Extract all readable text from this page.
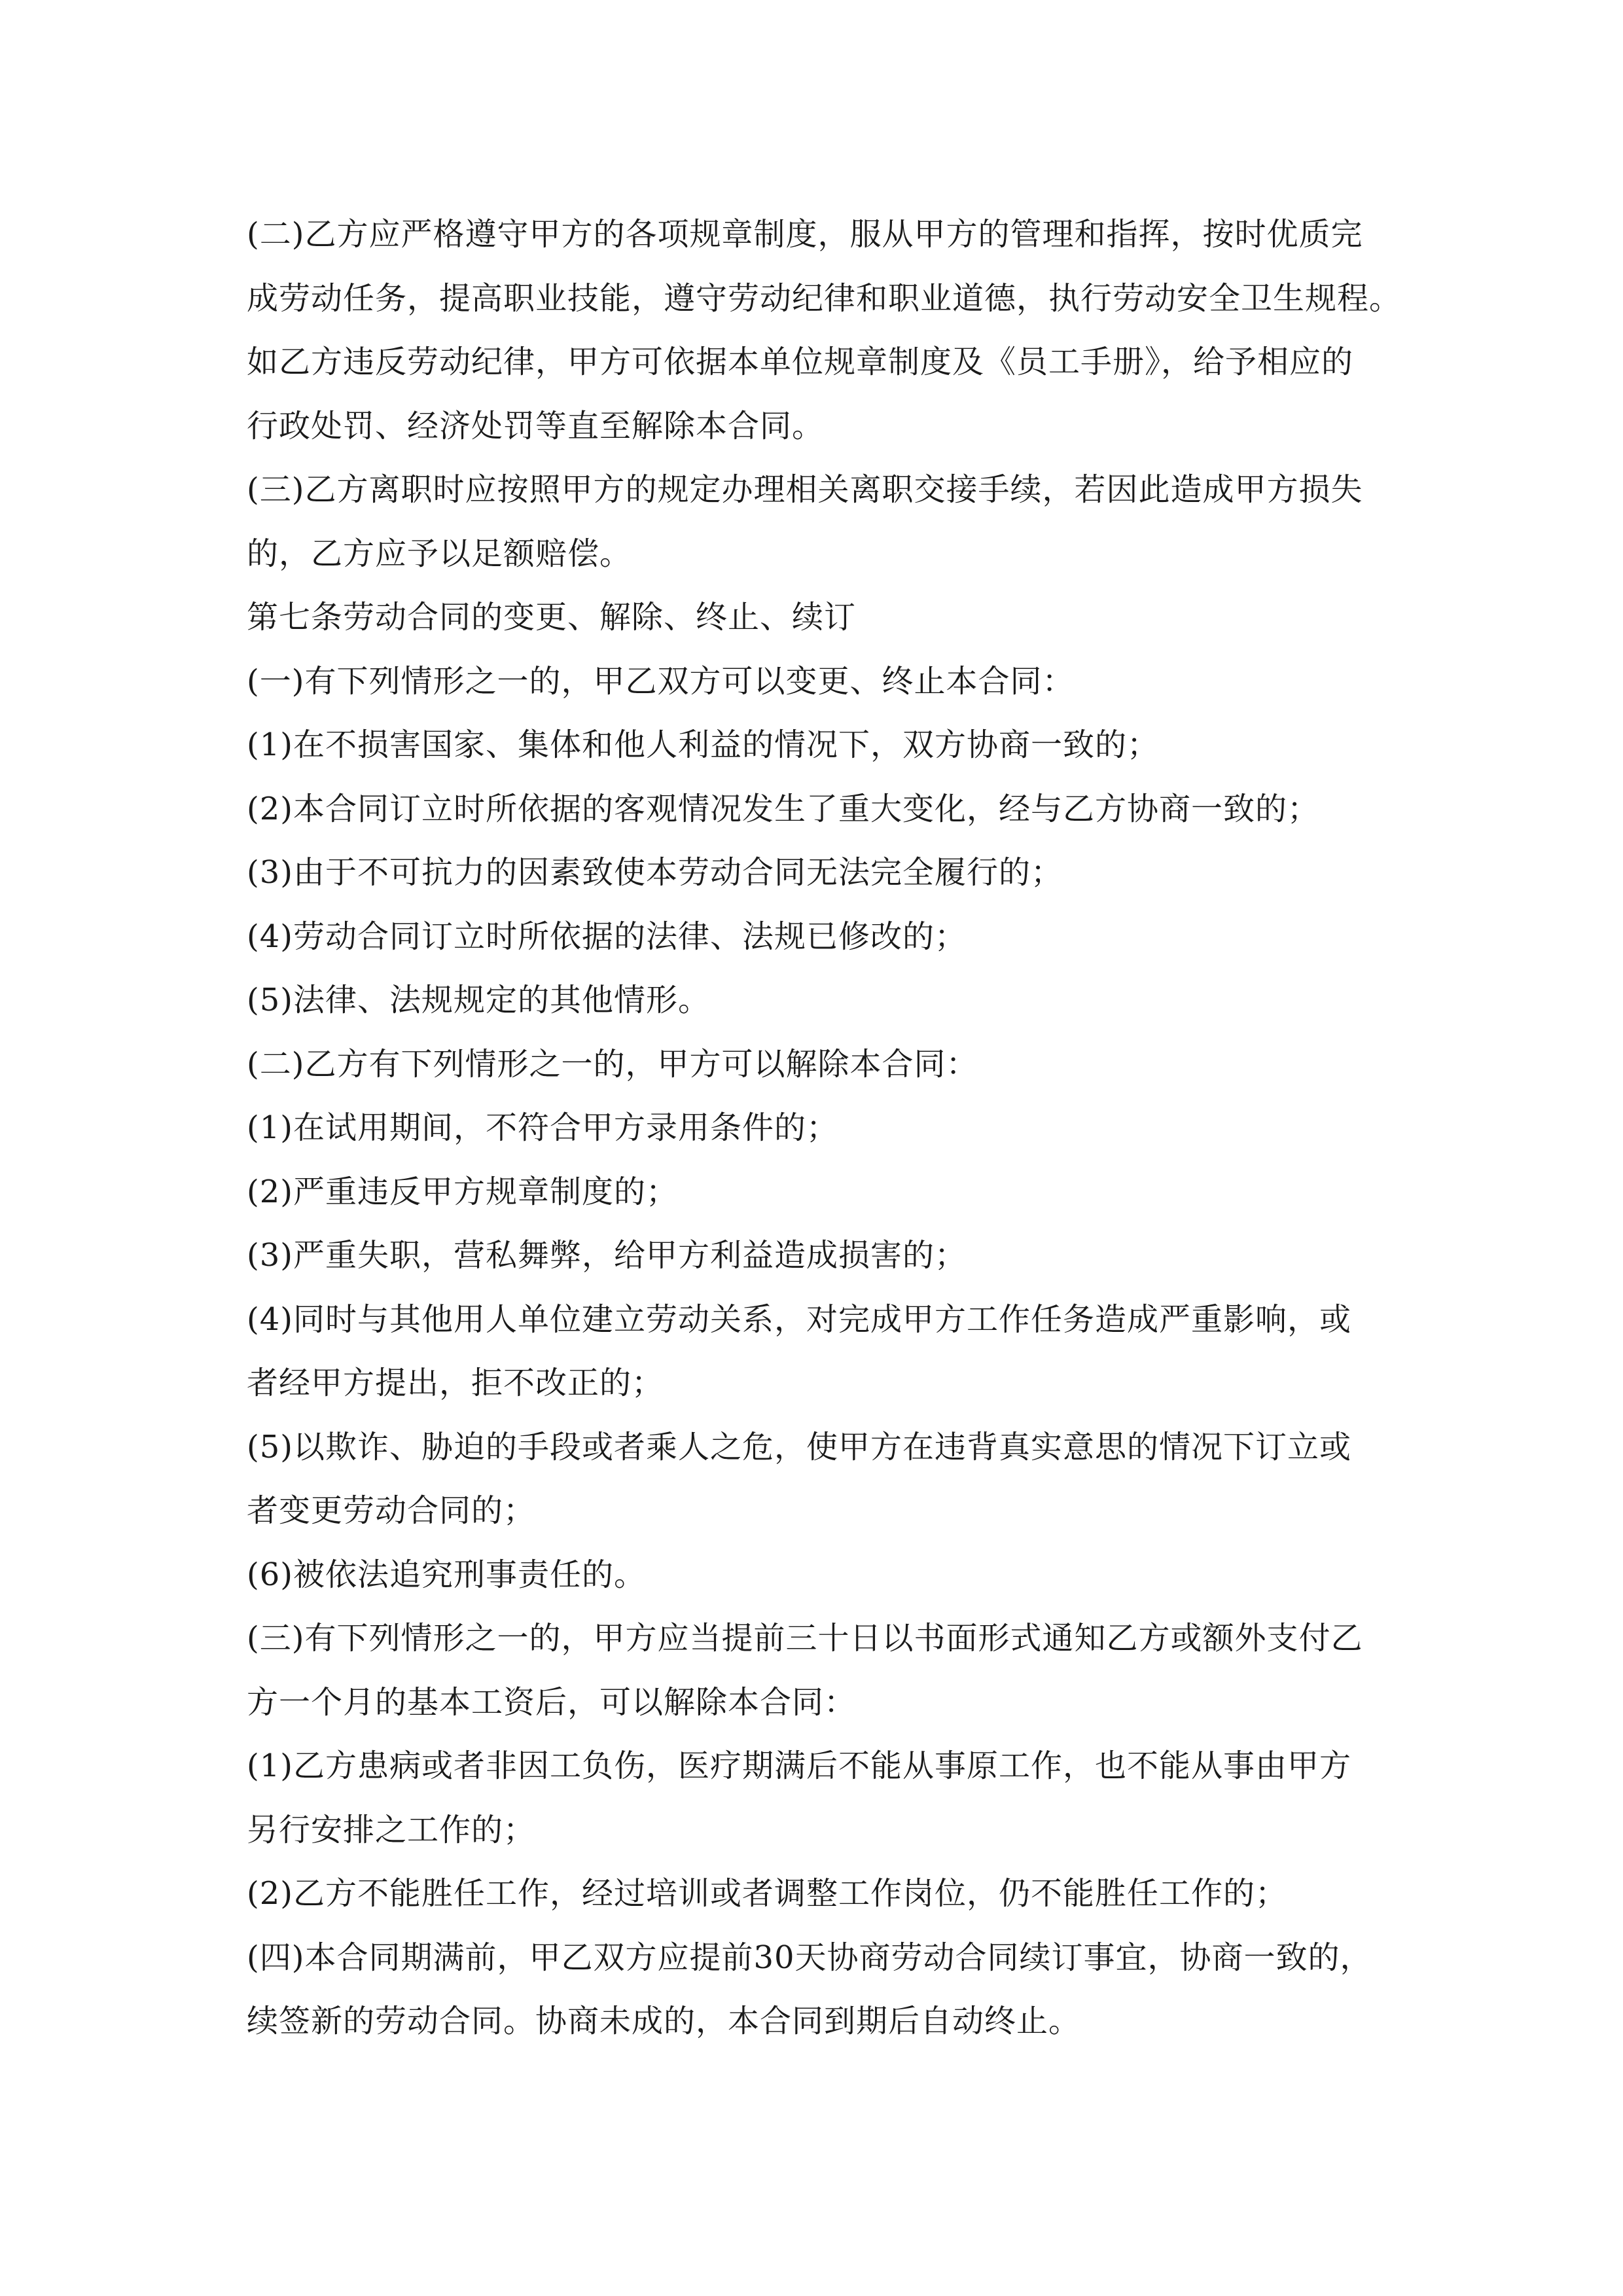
(二)乙方应严格遵守甲方的各项规章制度，服从甲方的管理和指挥，按时优质完
成劳动任务，提高职业技能，遵守劳动纪律和职业道德，执行劳动安全卫生规程。
如乙方违反劳动纪律，甲方可依据本单位规章制度及《员工手册》，给予相应的
行政处罚、经济处罚等直至解除本合同。
(三)乙方离职时应按照甲方的规定办理相关离职交接手续，若因此造成甲方损失
的，乙方应予以足额赔偿。
第七条劳动合同的变更、解除、终止、续订
(一)有下列情形之一的，甲乙双方可以变更、终止本合同：
(1)在不损害国家、集体和他人利益的情况下，双方协商一致的；
(2)本合同订立时所依据的客观情况发生了重大变化，经与乙方协商一致的；
(3)由于不可抗力的因素致使本劳动合同无法完全履行的；
(4)劳动合同订立时所依据的法律、法规已修改的；
(5)法律、法规规定的其他情形。
(二)乙方有下列情形之一的，甲方可以解除本合同：
(1)在试用期间，不符合甲方录用条件的；
(2)严重违反甲方规章制度的；
(3)严重失职，营私舞弊，给甲方利益造成损害的；
(4)同时与其他用人单位建立劳动关系，对完成甲方工作任务造成严重影响，或
者经甲方提出，拒不改正的；
(5)以欺诈、胁迫的手段或者乘人之危，使甲方在违背真实意思的情况下订立或
者变更劳动合同的；
(6)被依法追究刑事责任的。
(三)有下列情形之一的，甲方应当提前三十日以书面形式通知乙方或额外支付乙
方一个月的基本工资后，可以解除本合同：
(1)乙方患病或者非因工负伤，医疗期满后不能从事原工作，也不能从事由甲方
另行安排之工作的；
(2)乙方不能胜任工作，经过培训或者调整工作岗位，仍不能胜任工作的；
(四)本合同期满前，甲乙双方应提前30天协商劳动合同续订事宜，协商一致的，
续签新的劳动合同。协商未成的，本合同到期后自动终止。
